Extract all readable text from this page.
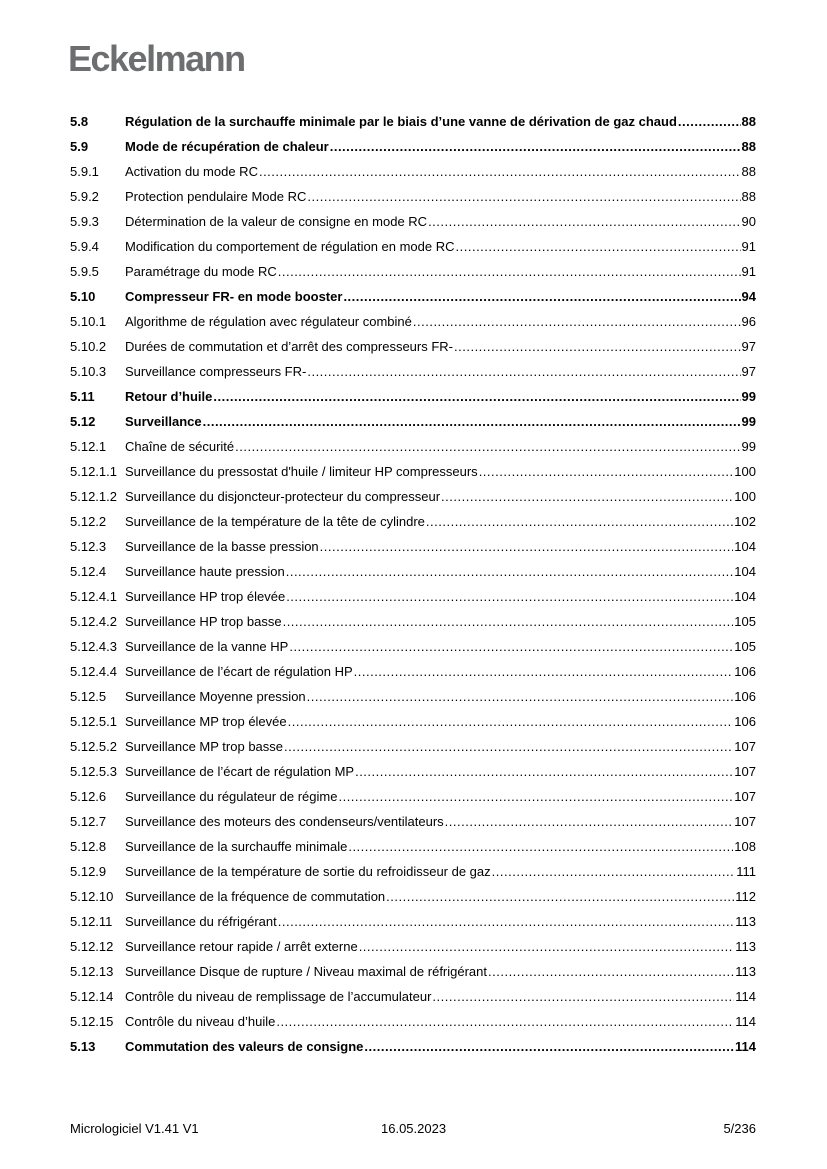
Eckelmann
5.8	Régulation de la surchauffe minimale par le biais d’une vanne de dérivation de gaz chaud .....	88
5.9	Mode de récupération de chaleur .....	88
5.9.1	Activation du mode RC .....	88
5.9.2	Protection pendulaire Mode RC .....	88
5.9.3	Détermination de la valeur de consigne en mode RC .....	90
5.9.4	Modification du comportement de régulation en mode RC .....	91
5.9.5	Paramétrage du mode RC .....	91
5.10	Compresseur FR- en mode booster .....	94
5.10.1	Algorithme de régulation avec régulateur combiné .....	96
5.10.2	Durées de commutation et d’arrêt des compresseurs FR- .....	97
5.10.3	Surveillance compresseurs FR- .....	97
5.11	Retour d’huile .....	99
5.12	Surveillance .....	99
5.12.1	Chaîne de sécurité .....	99
5.12.1.1 Surveillance du pressostat d'huile / limiteur HP compresseurs .....	100
5.12.1.2 Surveillance du disjoncteur-protecteur du compresseur .....	100
5.12.2	Surveillance de la température de la tête de cylindre .....	102
5.12.3	Surveillance de la basse pression .....	104
5.12.4	Surveillance haute pression .....	104
5.12.4.1 Surveillance HP trop élevée .....	104
5.12.4.2 Surveillance HP trop basse .....	105
5.12.4.3 Surveillance de la vanne HP .....	105
5.12.4.4 Surveillance de l’écart de régulation HP .....	106
5.12.5	Surveillance Moyenne pression .....	106
5.12.5.1 Surveillance MP trop élevée .....	106
5.12.5.2 Surveillance MP trop basse .....	107
5.12.5.3 Surveillance de l’écart de régulation MP .....	107
5.12.6	Surveillance du régulateur de régime .....	107
5.12.7	Surveillance des moteurs des condenseurs/ventilateurs .....	107
5.12.8	Surveillance de la surchauffe minimale .....	108
5.12.9	Surveillance de la température de sortie du refroidisseur de gaz .....	111
5.12.10 Surveillance de la fréquence de commutation .....	112
5.12.11 Surveillance du réfrigérant .....	113
5.12.12 Surveillance retour rapide / arrêt externe .....	113
5.12.13 Surveillance Disque de rupture / Niveau maximal de réfrigérant .....	113
5.12.14 Contrôle du niveau de remplissage de l’accumulateur .....	114
5.12.15 Contrôle du niveau d’huile .....	114
5.13	Commutation des valeurs de consigne .....	114
Micrologiciel V1.41 V1	16.05.2023	5/236
